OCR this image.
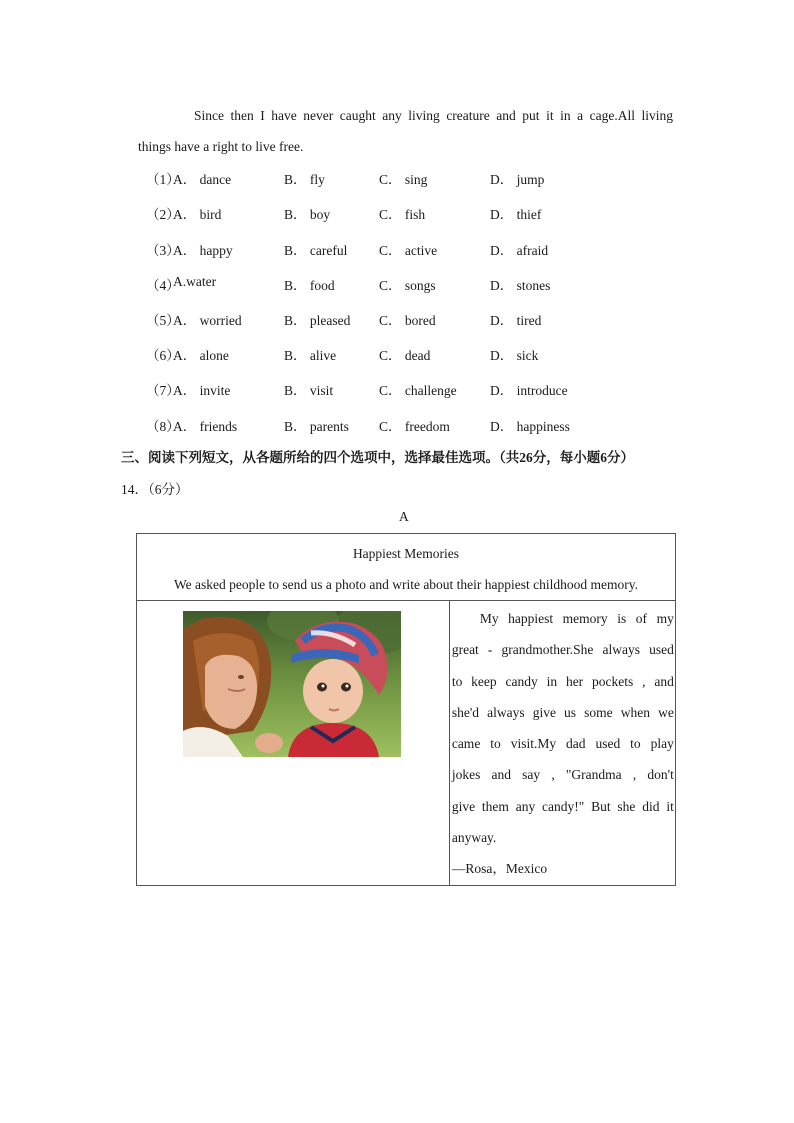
Since then I have never caught any living creature and put it in a cage.All living
things have a right to live free.
（1）
A． dance	B． fly	C． sing	D． jump
（2）
A． bird	B． boy	C． fish	D． thief
（3）
A． happy	B． careful C． active	D． afraid
（4）
A.water	B． food	C． songs	D． stones
（5）
A． worried	B． pleased C． bored	D． tired
（6）
A． alone	B． alive	C． dead	D． sick
（7）
A． invite	B． visit	C． challenge D． introduce
（8）
A． friends	B． parents C． freedom	D． happiness
三、阅读下列短文，从各题所给的四个选项中，选择最佳选项。（共26分，每小题6分）
14．（6分）
A
Happiest Memories
We asked people to send us a photo and write about their happiest childhood memory.

My happiest memory is of my
great - grandmother.She always used
to keep candy in her pockets , and
she'd always give us some when we
came to visit.My dad used to play
jokes and say , "Grandma , don't
give them any candy!" But she did it
anyway.
—Rosa，Mexico
